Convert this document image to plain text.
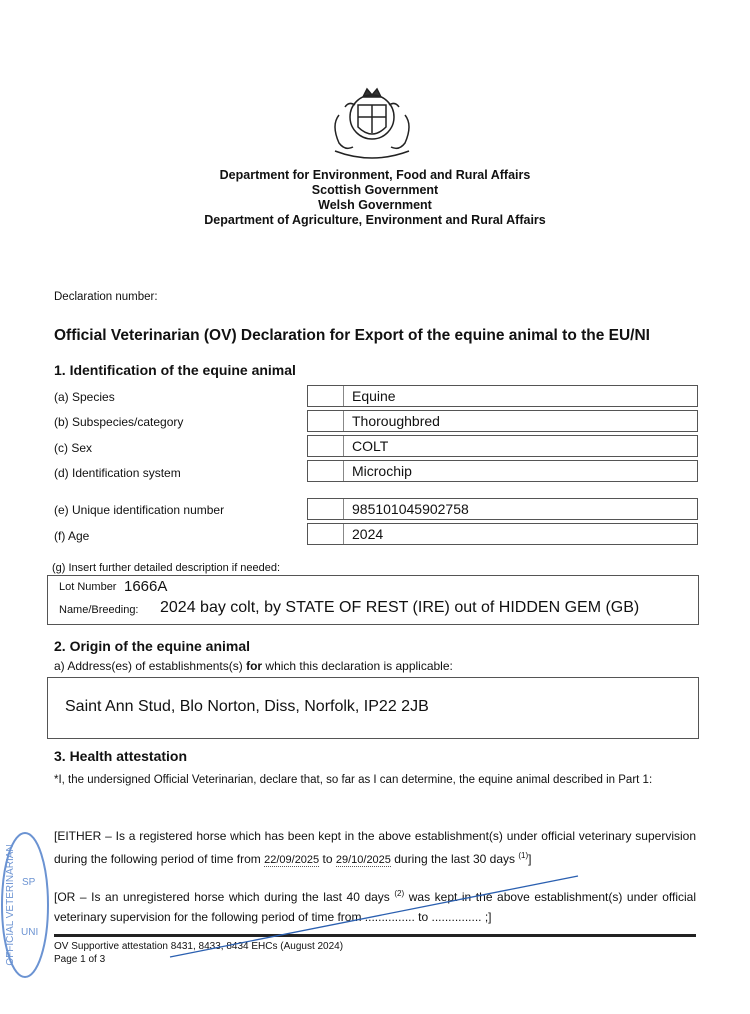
Department for Environment, Food and Rural Affairs
Scottish Government
Welsh Government
Department of Agriculture, Environment and Rural Affairs
Declaration number:
Official Veterinarian (OV) Declaration for Export of the equine animal to the EU/NI
1. Identification of the equine animal
(a) Species	Equine
(b) Subspecies/category	Thoroughbred
(c) Sex	COLT
(d) Identification system	Microchip
(e) Unique identification number	985101045902758
(f) Age	2024
(g) Insert further detailed description if needed:
Lot Number 1666A
Name/Breeding: 2024 bay colt, by STATE OF REST (IRE) out of HIDDEN GEM (GB)
2. Origin of the equine animal
a) Address(es) of establishments(s) for which this declaration is applicable:
Saint Ann Stud, Blo Norton, Diss, Norfolk, IP22 2JB
3. Health attestation
*I, the undersigned Official Veterinarian, declare that, so far as I can determine, the equine animal described in Part 1:
[EITHER – Is a registered horse which has been kept in the above establishment(s) under official veterinary supervision during the following period of time from 22/09/2025 to 29/10/2025 during the last 30 days $^{(1)}$]
[OR – Is an unregistered horse which during the last 40 days $^{(2)}$ was kept in the above establishment(s) under official veterinary supervision for the following period of time from ............... to ............... ;]
OV Supportive attestation 8431, 8433, 8434 EHCs (August 2024)
Page 1 of 3
OFFICIAL VETERINARIAN SP
UNI
